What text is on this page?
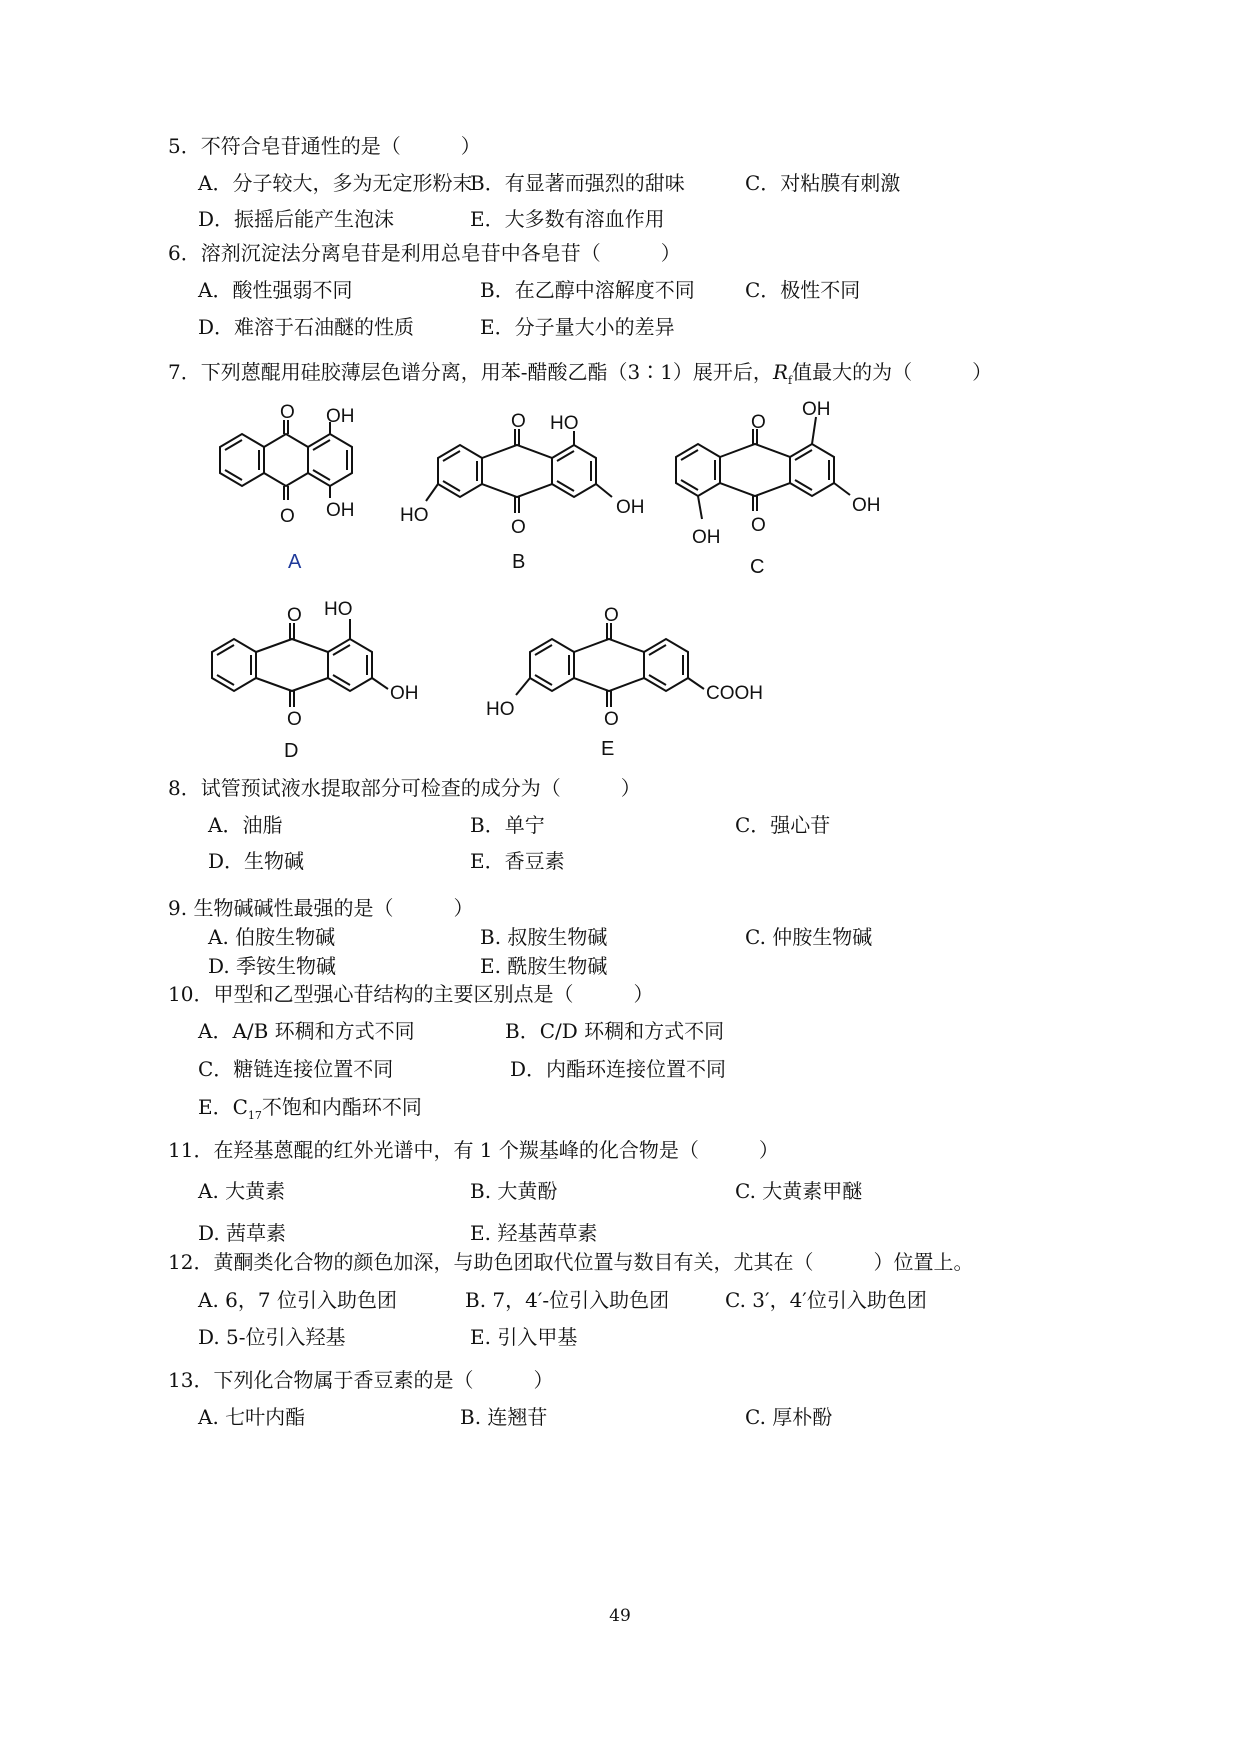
5．不符合皂苷通性的是（　　　）
A．分子较大，多为无定形粉末
B．有显著而强烈的甜味	C．对粘膜有刺激
D．振摇后能产生泡沫	E．大多数有溶血作用
6．溶剂沉淀法分离皂苷是利用总皂苷中各皂苷（　　　）
A．酸性强弱不同	B．在乙醇中溶解度不同	C．极性不同
D．难溶于石油醚的性质	E．分子量大小的差异
7．下列蒽醌用硅胶薄层色谱分离，用苯-醋酸乙酯（3∶1）展开后，$R_f$值最大的为（　　　）
O
O
OH
OH
A
O
O
HO
OH
HO
B
O
O
OH
OH
OH
C
O
O
HO
OH
D
O
O
COOH
HO
E
8．试管预试液水提取部分可检查的成分为（　　　）
A．油脂	B．单宁	C．强心苷
D．生物碱	E．香豆素
9. 生物碱碱性最强的是（　　　）
A. 伯胺生物碱	B. 叔胺生物碱	C. 仲胺生物碱
D. 季铵生物碱	E. 酰胺生物碱
10．甲型和乙型强心苷结构的主要区别点是（　　　）
A．A/B 环稠和方式不同	B．C/D 环稠和方式不同
C．糖链连接位置不同	D．内酯环连接位置不同
E．$C_{17}$不饱和内酯环不同
11．在羟基蒽醌的红外光谱中，有 1 个羰基峰的化合物是（　　　）
A. 大黄素	B. 大黄酚	C. 大黄素甲醚
D. 茜草素	E. 羟基茜草素
12．黄酮类化合物的颜色加深，与助色团取代位置与数目有关，尤其在（　　　）位置上。
A. 6，7 位引入助色团	B. 7，4′-位引入助色团	C. 3′，4′位引入助色团
D. 5-位引入羟基	E. 引入甲基
13．下列化合物属于香豆素的是（　　　）
A. 七叶内酯	B. 连翘苷	C. 厚朴酚
49
